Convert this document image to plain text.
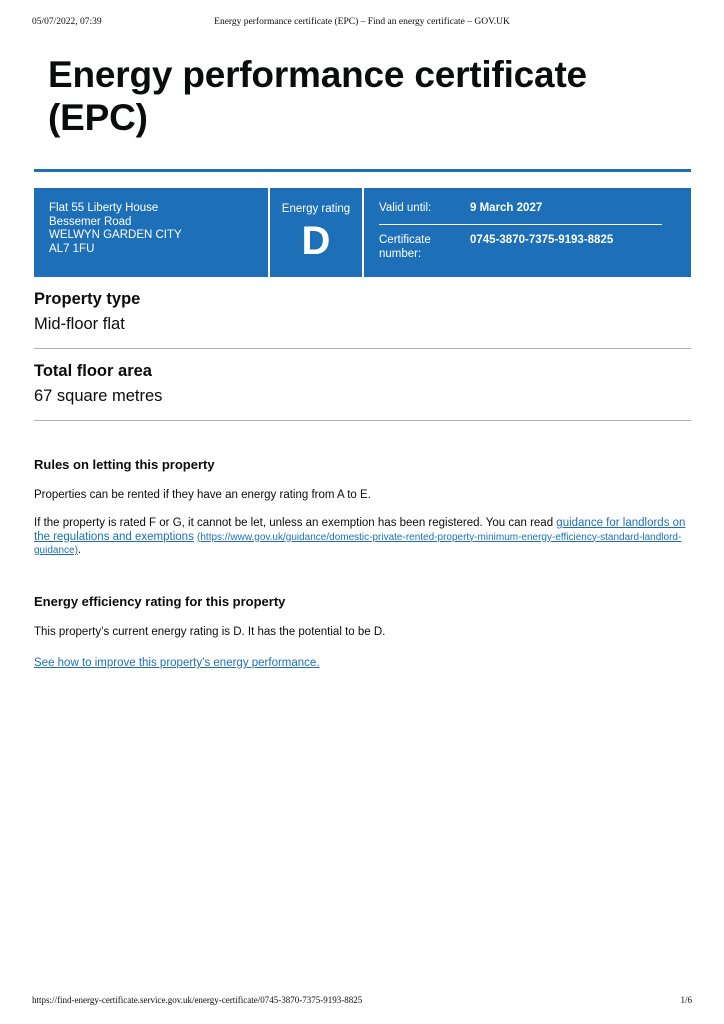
05/07/2022, 07:39	Energy performance certificate (EPC) – Find an energy certificate – GOV.UK
Energy performance certificate (EPC)
Flat 55 Liberty House
Bessemer Road
WELWYN GARDEN CITY
AL7 1FU
Energy rating
D
Valid until:	9 March 2027
Certificate number:
0745-3870-7375-9193-8825
Property type
Mid-floor flat
Total floor area
67 square metres
Rules on letting this property
Properties can be rented if they have an energy rating from A to E.
If the property is rated F or G, it cannot be let, unless an exemption has been registered. You can read guidance for landlords on the regulations and exemptions (https://www.gov.uk/guidance/domestic-private-rented-property-minimum-energy-efficiency-standard-landlord-guidance).
Energy efficiency rating for this property
This property’s current energy rating is D. It has the potential to be D.
See how to improve this property’s energy performance.
https://find-energy-certificate.service.gov.uk/energy-certificate/0745-3870-7375-9193-8825	1/6
